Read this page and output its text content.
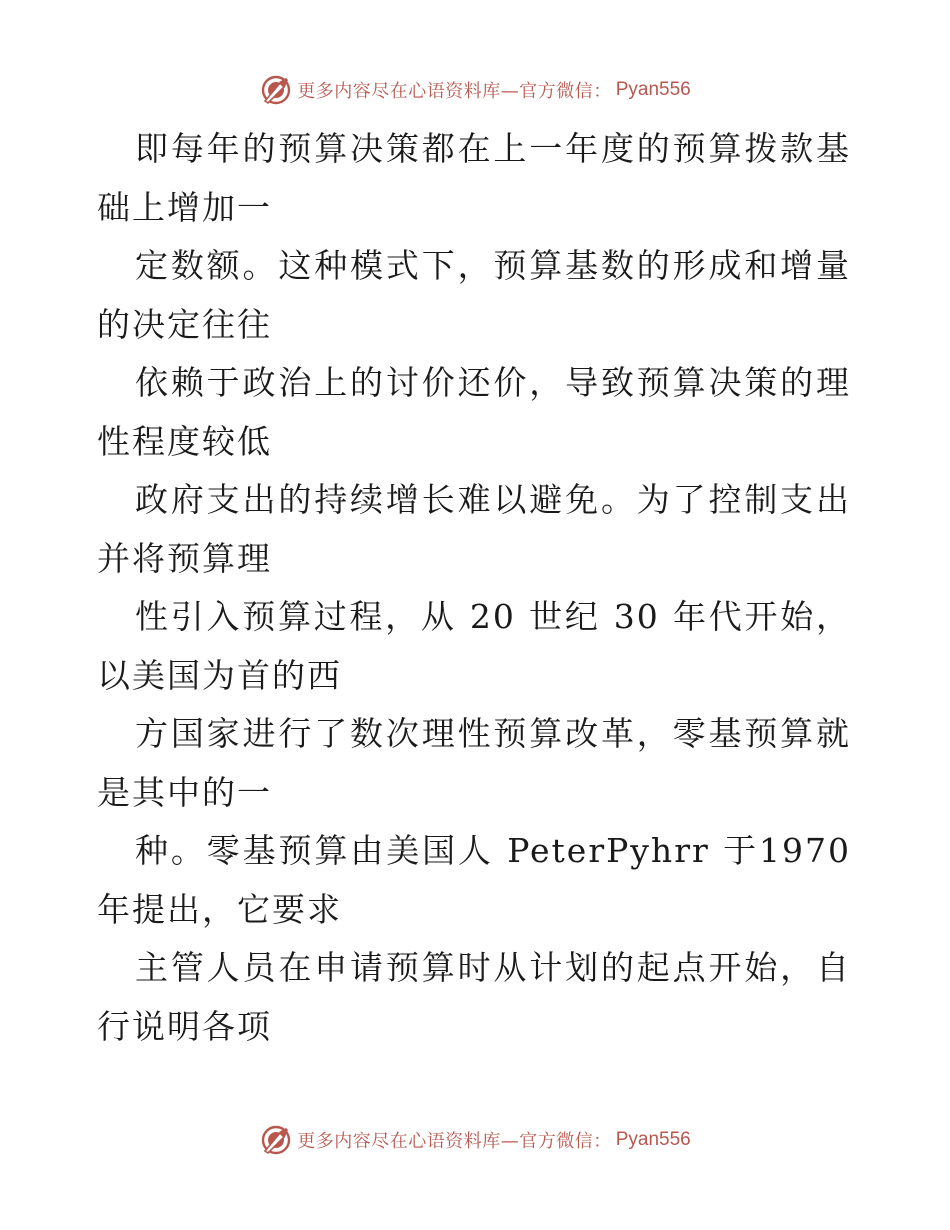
更多内容尽在心语资料库—官方微信： Pyan556

即每年的预算决策都在上一年度的预算拨款基础上增加一

定数额。这种模式下，预算基数的形成和增量的决定往往

依赖于政治上的讨价还价，导致预算决策的理性程度较低

政府支出的持续增长难以避免。为了控制支出并将预算理

性引入预算过程，从 20 世纪 30 年代开始，以美国为首的西

方国家进行了数次理性预算改革，零基预算就是其中的一

种。零基预算由美国人 PeterPyhrr 于1970 年提出，它要求

主管人员在申请预算时从计划的起点开始，自行说明各项

更多内容尽在心语资料库—官方微信： Pyan556
